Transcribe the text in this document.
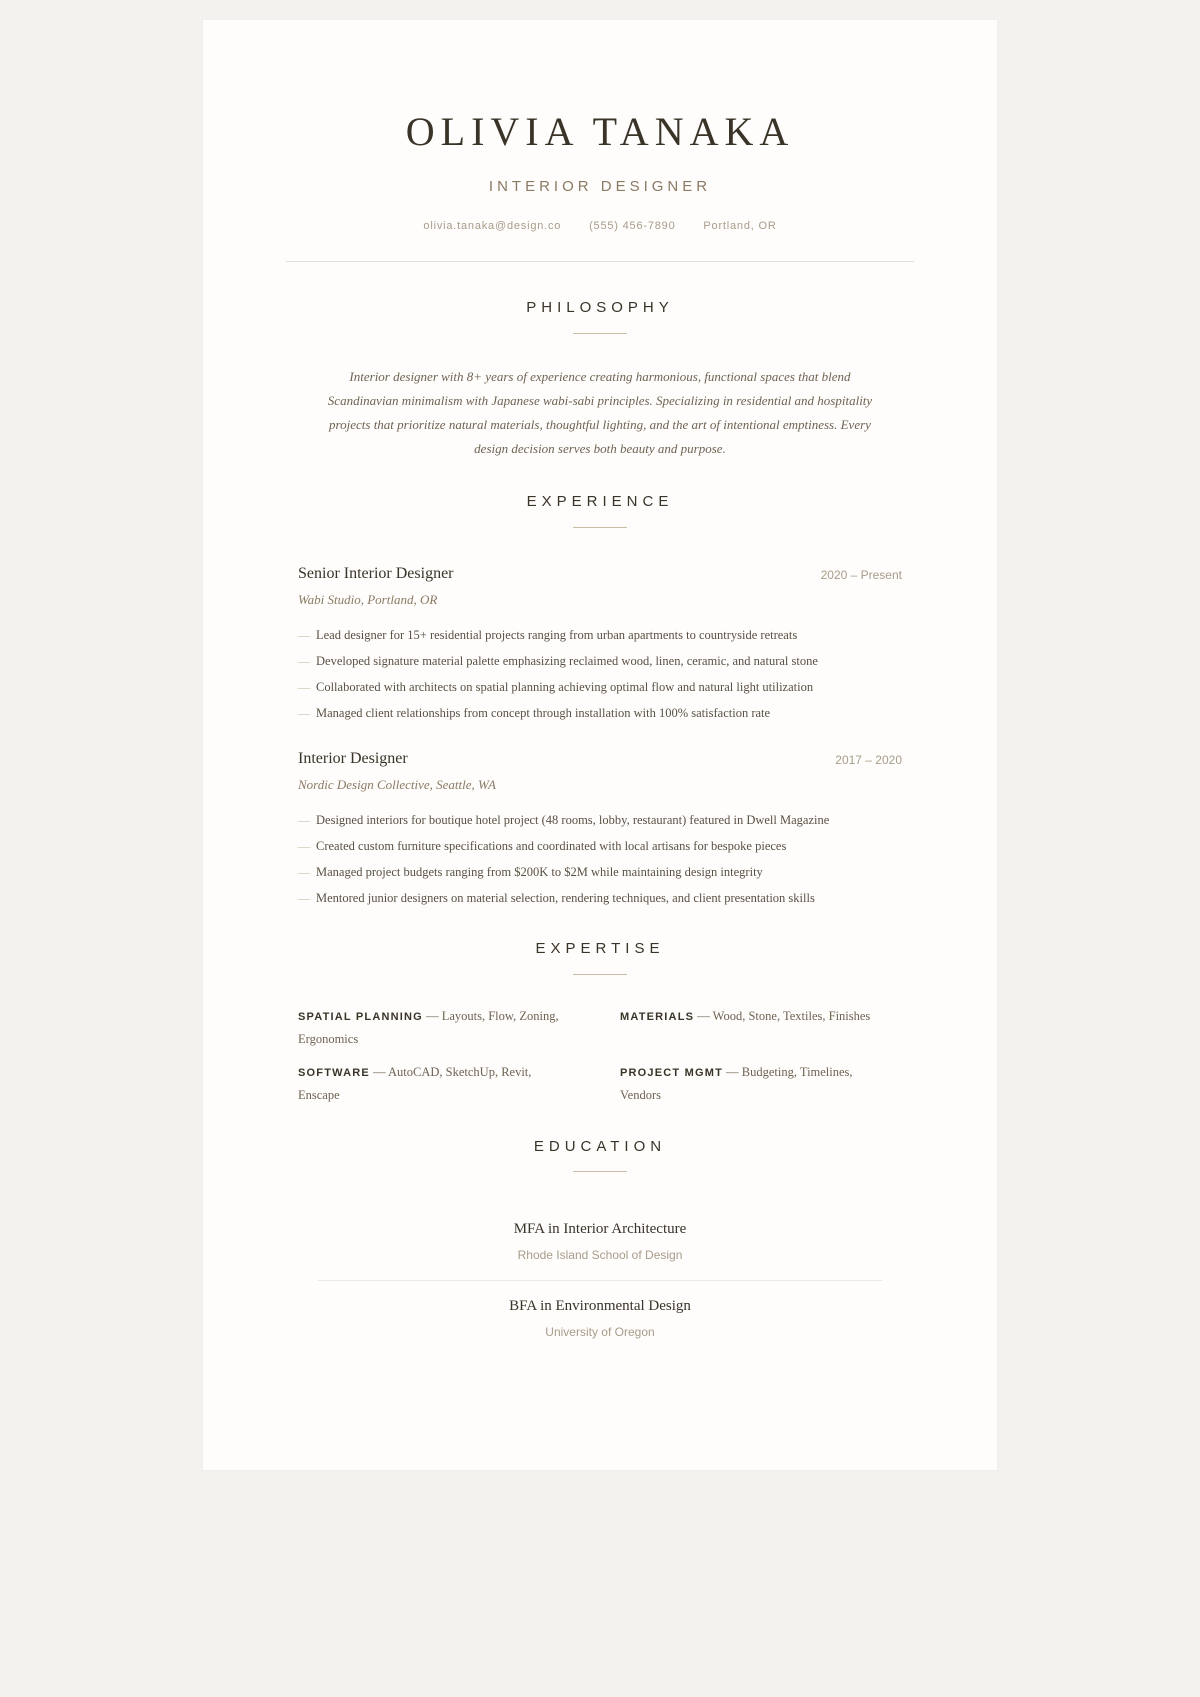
OLIVIA TANAKA
INTERIOR DESIGNER
olivia.tanaka@design.co	(555) 456-7890	Portland, OR
PHILOSOPHY
Interior designer with 8+ years of experience creating harmonious, functional spaces that blend Scandinavian minimalism with Japanese wabi-sabi principles. Specializing in residential and hospitality projects that prioritize natural materials, thoughtful lighting, and the art of intentional emptiness. Every design decision serves both beauty and purpose.
EXPERIENCE
Senior Interior Designer	2020 – Present
Wabi Studio, Portland, OR
— Lead designer for 15+ residential projects ranging from urban apartments to countryside retreats
— Developed signature material palette emphasizing reclaimed wood, linen, ceramic, and natural stone
— Collaborated with architects on spatial planning achieving optimal flow and natural light utilization
— Managed client relationships from concept through installation with 100% satisfaction rate
Interior Designer	2017 – 2020
Nordic Design Collective, Seattle, WA
— Designed interiors for boutique hotel project (48 rooms, lobby, restaurant) featured in Dwell Magazine
— Created custom furniture specifications and coordinated with local artisans for bespoke pieces
— Managed project budgets ranging from $200K to $2M while maintaining design integrity
— Mentored junior designers on material selection, rendering techniques, and client presentation skills
EXPERTISE
SPATIAL PLANNING — Layouts, Flow, Zoning, Ergonomics
MATERIALS — Wood, Stone, Textiles, Finishes
SOFTWARE — AutoCAD, SketchUp, Revit, Enscape
PROJECT MGMT — Budgeting, Timelines, Vendors
EDUCATION
MFA in Interior Architecture
Rhode Island School of Design
BFA in Environmental Design
University of Oregon
